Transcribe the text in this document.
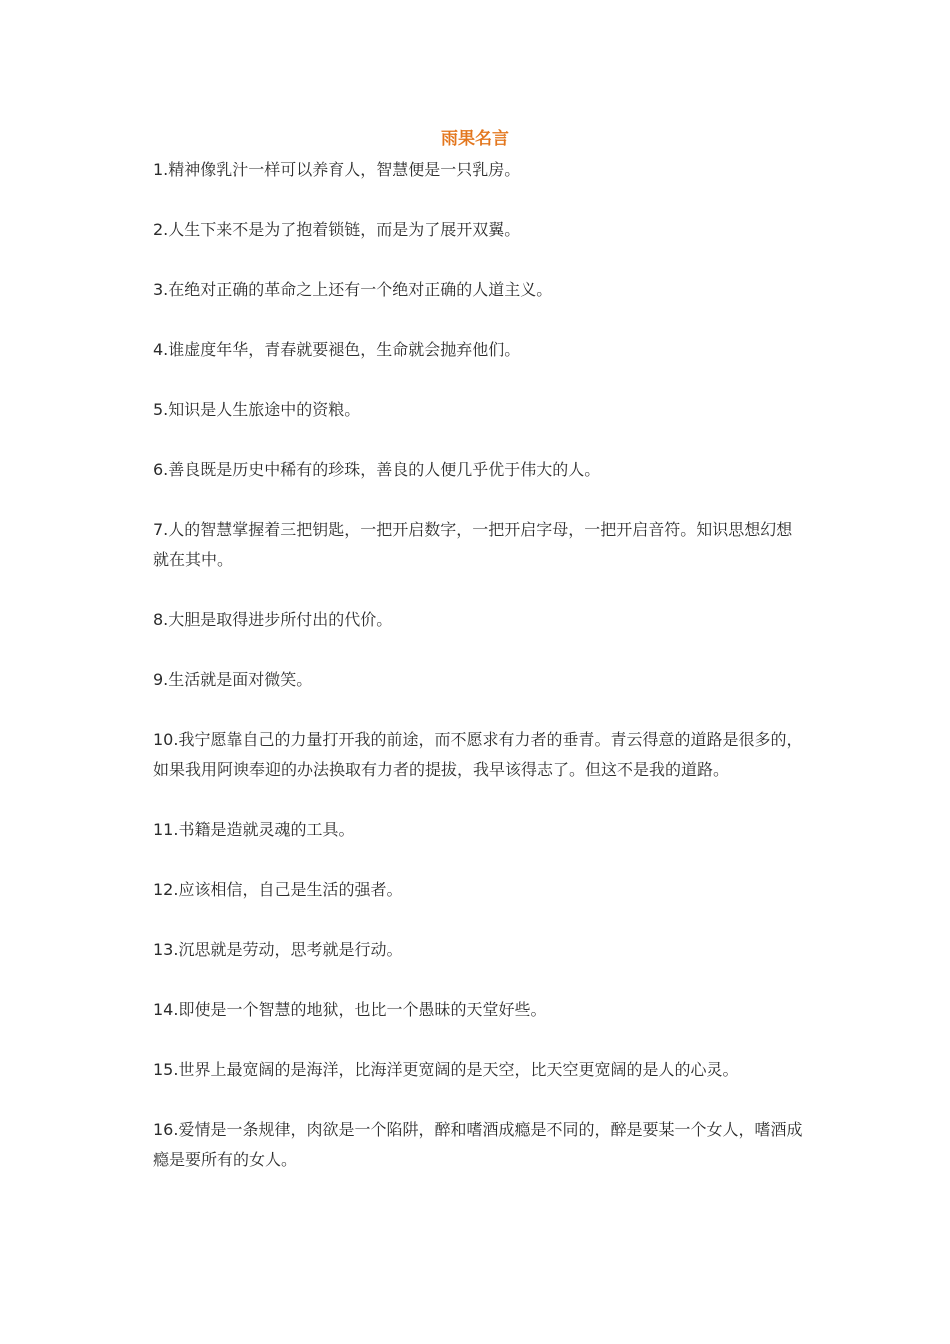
雨果名言

1.精神像乳汁一样可以养育人，智慧便是一只乳房。

2.人生下来不是为了抱着锁链，而是为了展开双翼。

3.在绝对正确的革命之上还有一个绝对正确的人道主义。

4.谁虚度年华，青春就要褪色，生命就会抛弃他们。

5.知识是人生旅途中的资粮。

6.善良既是历史中稀有的珍珠，善良的人便几乎优于伟大的人。

7.人的智慧掌握着三把钥匙，一把开启数字，一把开启字母，一把开启音符。知识思想幻想就在其中。

8.大胆是取得进步所付出的代价。

9.生活就是面对微笑。

10.我宁愿靠自己的力量打开我的前途，而不愿求有力者的垂青。青云得意的道路是很多的，如果我用阿谀奉迎的办法换取有力者的提拔，我早该得志了。但这不是我的道路。

11.书籍是造就灵魂的工具。

12.应该相信，自己是生活的强者。

13.沉思就是劳动，思考就是行动。

14.即使是一个智慧的地狱，也比一个愚昧的天堂好些。

15.世界上最宽阔的是海洋，比海洋更宽阔的是天空，比天空更宽阔的是人的心灵。

16.爱情是一条规律，肉欲是一个陷阱，醉和嗜酒成瘾是不同的，醉是要某一个女人，嗜酒成瘾是要所有的女人。
